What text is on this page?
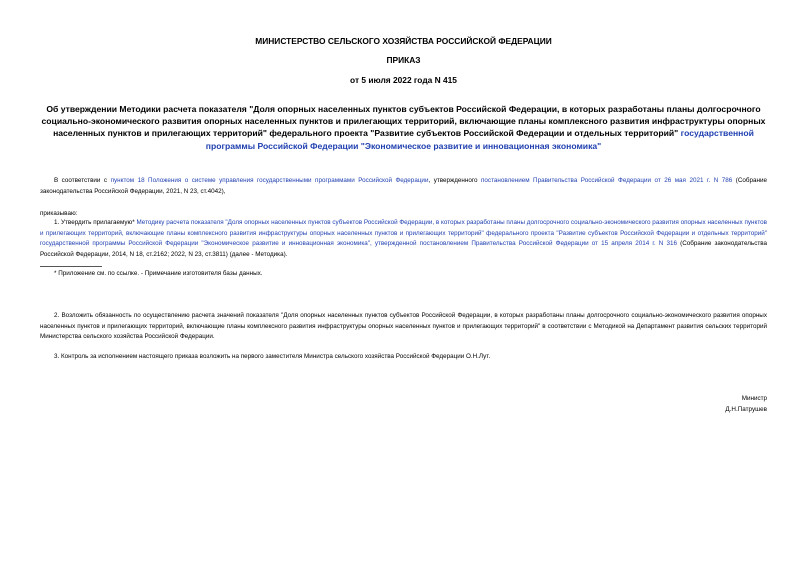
МИНИСТЕРСТВО СЕЛЬСКОГО ХОЗЯЙСТВА РОССИЙСКОЙ ФЕДЕРАЦИИ
ПРИКАЗ
от 5 июля 2022 года N 415
Об утверждении Методики расчета показателя "Доля опорных населенных пунктов субъектов Российской Федерации, в которых разработаны планы долгосрочного социально-экономического развития опорных населенных пунктов и прилегающих территорий, включающие планы комплексного развития инфраструктуры опорных населенных пунктов и прилегающих территорий" федерального проекта "Развитие субъектов Российской Федерации и отдельных территорий" государственной программы Российской Федерации "Экономическое развитие и инновационная экономика"
В соответствии с пунктом 18 Положения о системе управления государственными программами Российской Федерации, утвержденного постановлением Правительства Российской Федерации от 26 мая 2021 г. N 786 (Собрание законодательства Российской Федерации, 2021, N 23, ст.4042),
приказываю:
1. Утвердить прилагаемую* Методику расчета показателя "Доля опорных населенных пунктов субъектов Российской Федерации, в которых разработаны планы долгосрочного социально-экономического развития опорных населенных пунктов и прилегающих территорий, включающие планы комплексного развития инфраструктуры опорных населенных пунктов и прилегающих территорий" федерального проекта "Развитие субъектов Российской Федерации и отдельных территорий" государственной программы Российской Федерации "Экономическое развитие и инновационная экономика", утвержденной постановлением Правительства Российской Федерации от 15 апреля 2014 г. N 316 (Собрание законодательства Российской Федерации, 2014, N 18, ст.2162; 2022, N 23, ст.3811) (далее - Методика).
* Приложение см. по ссылке. - Примечание изготовителя базы данных.
2. Возложить обязанность по осуществлению расчета значений показателя "Доля опорных населенных пунктов субъектов Российской Федерации, в которых разработаны планы долгосрочного социально-экономического развития опорных населенных пунктов и прилегающих территорий, включающие планы комплексного развития инфраструктуры опорных населенных пунктов и прилегающих территорий" в соответствии с Методикой на Департамент развития сельских территорий Министерства сельского хозяйства Российской Федерации.
3. Контроль за исполнением настоящего приказа возложить на первого заместителя Министра сельского хозяйства Российской Федерации О.Н.Лут.
Министр
Д.Н.Патрушев
